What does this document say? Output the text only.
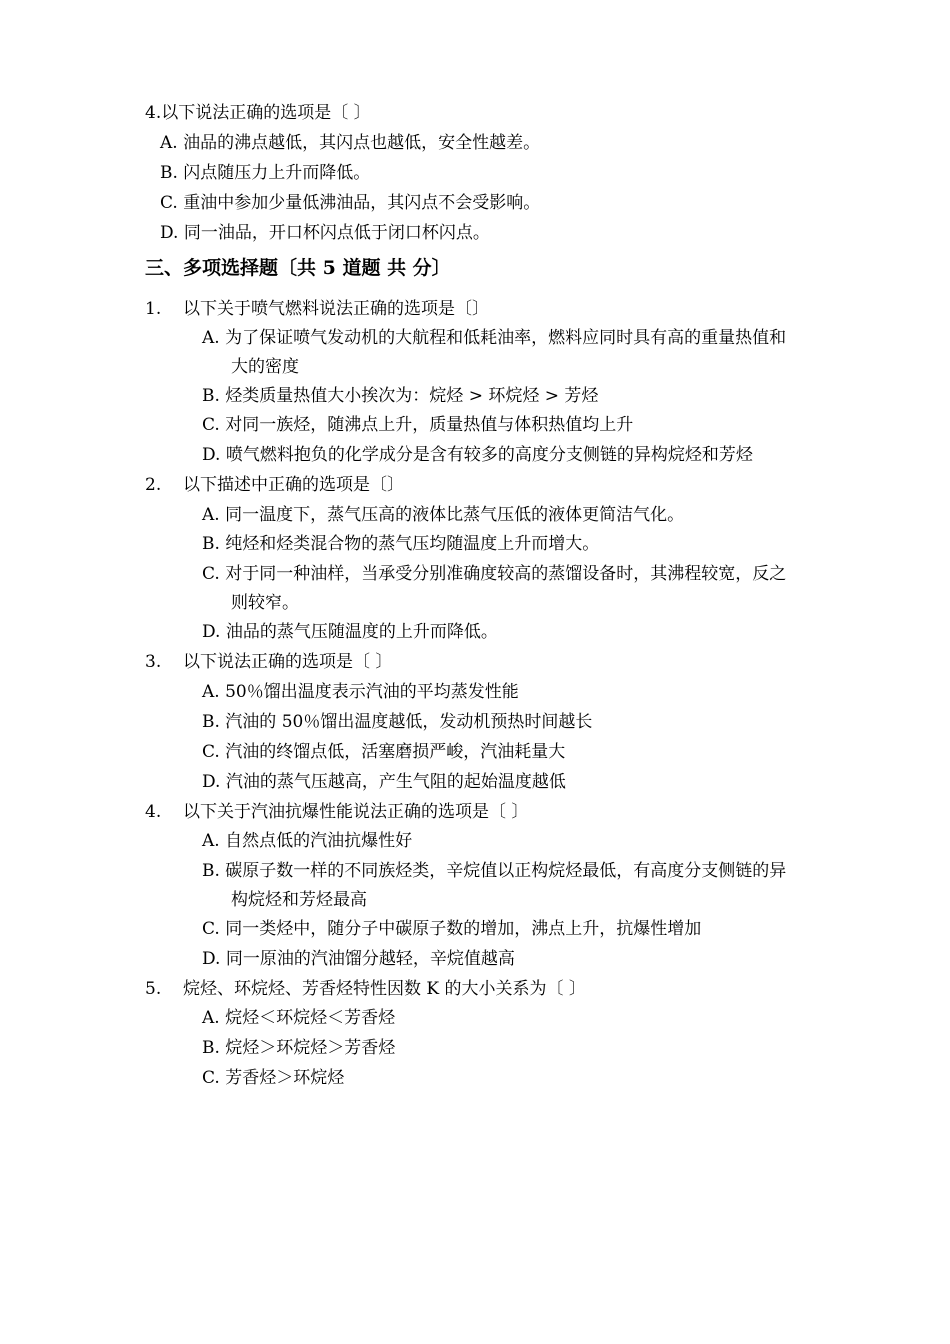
4.以下说法正确的选项是〔 〕
A. 油品的沸点越低，其闪点也越低，安全性越差。
B. 闪点随压力上升而降低。
C. 重油中参加少量低沸油品，其闪点不会受影响。
D. 同一油品，开口杯闪点低于闭口杯闪点。
三、多项选择题〔共 5 道题 共 分〕
1. 以下关于喷气燃料说法正确的选项是〔〕
A. 为了保证喷气发动机的大航程和低耗油率，燃料应同时具有高的重量热值和
大的密度
B. 烃类质量热值大小挨次为：烷烃 > 环烷烃 > 芳烃
C. 对同一族烃，随沸点上升，质量热值与体积热值均上升
D. 喷气燃料抱负的化学成分是含有较多的高度分支侧链的异构烷烃和芳烃
2. 以下描述中正确的选项是〔〕
A. 同一温度下，蒸气压高的液体比蒸气压低的液体更简洁气化。
B. 纯烃和烃类混合物的蒸气压均随温度上升而增大。
C. 对于同一种油样，当承受分别准确度较高的蒸馏设备时，其沸程较宽，反之
则较窄。
D. 油品的蒸气压随温度的上升而降低。
3. 以下说法正确的选项是〔 〕
A. 50％馏出温度表示汽油的平均蒸发性能
B. 汽油的 50％馏出温度越低，发动机预热时间越长
C. 汽油的终馏点低，活塞磨损严峻，汽油耗量大
D. 汽油的蒸气压越高，产生气阻的起始温度越低
4. 以下关于汽油抗爆性能说法正确的选项是〔 〕
A. 自然点低的汽油抗爆性好
B. 碳原子数一样的不同族烃类，辛烷值以正构烷烃最低，有高度分支侧链的异
构烷烃和芳烃最高
C. 同一类烃中，随分子中碳原子数的增加，沸点上升，抗爆性增加
D. 同一原油的汽油馏分越轻，辛烷值越高
5. 烷烃、环烷烃、芳香烃特性因数 K 的大小关系为〔 〕
A. 烷烃＜环烷烃＜芳香烃
B. 烷烃＞环烷烃＞芳香烃
C. 芳香烃＞环烷烃
